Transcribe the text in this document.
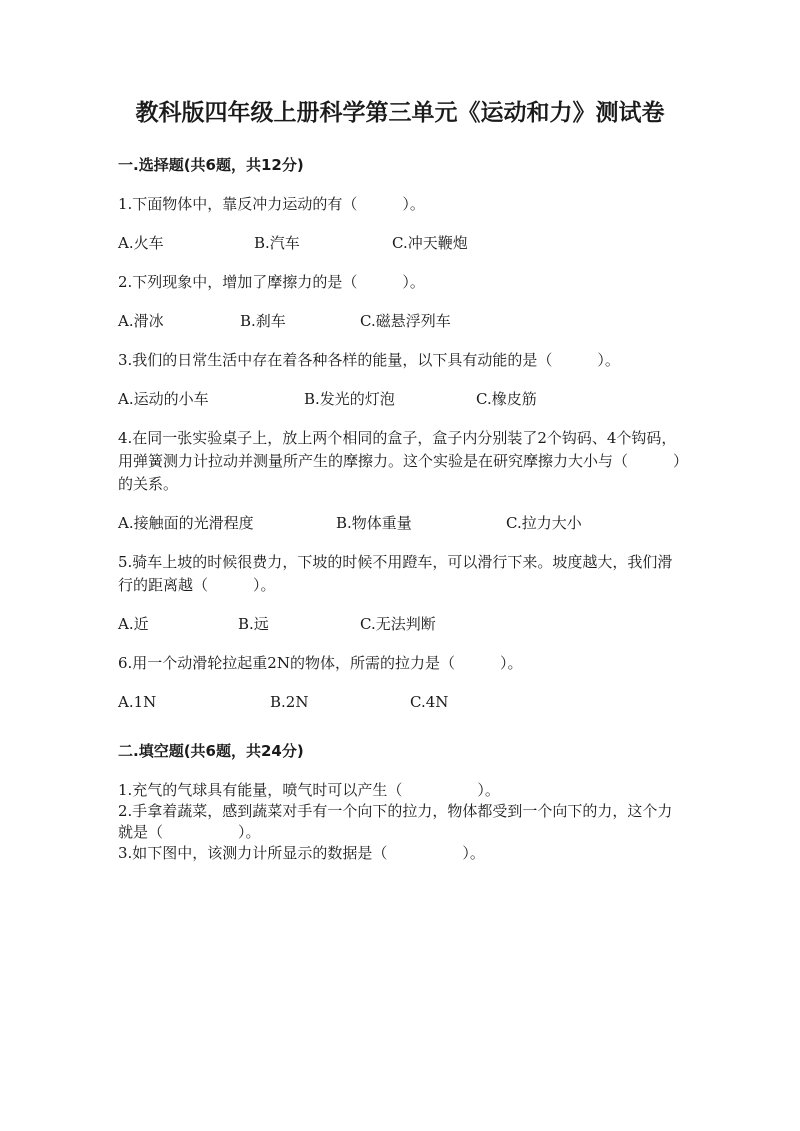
教科版四年级上册科学第三单元《运动和力》测试卷
一.选择题(共6题，共12分)

1.下面物体中，靠反冲力运动的有（　　　）。

A.火车	B.汽车	C.冲天鞭炮

2.下列现象中，增加了摩擦力的是（　　　）。

A.滑冰	B.刹车	C.磁悬浮列车

3.我们的日常生活中存在着各种各样的能量，以下具有动能的是（　　　）。

A.运动的小车	B.发光的灯泡	C.橡皮筋

4.在同一张实验桌子上，放上两个相同的盒子，盒子内分别装了2个钩码、4个钩码，用弹簧测力计拉动并测量所产生的摩擦力。这个实验是在研究摩擦力大小与（　　　）的关系。

A.接触面的光滑程度	B.物体重量	C.拉力大小

5.骑车上坡的时候很费力，下坡的时候不用蹬车，可以滑行下来。坡度越大，我们滑行的距离越（　　　）。

A.近	B.远	C.无法判断

6.用一个动滑轮拉起重2N的物体，所需的拉力是（　　　）。

A.1N	B.2N	C.4N
二.填空题(共6题，共24分)

1.充气的气球具有能量，喷气时可以产生（　　　　　）。

2.手拿着蔬菜，感到蔬菜对手有一个向下的拉力，物体都受到一个向下的力，这个力就是（　　　　　）。

3.如下图中，该测力计所显示的数据是（　　　　　）。
